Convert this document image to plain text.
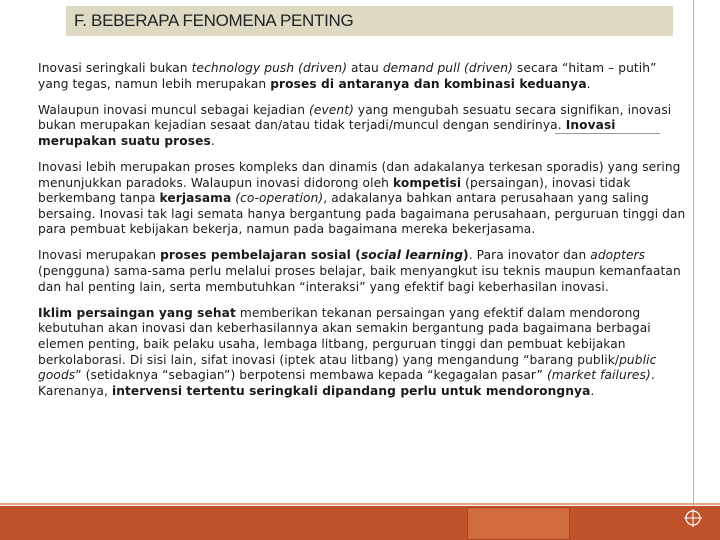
F. BEBERAPA FENOMENA PENTING

Inovasi seringkali bukan technology push (driven) atau demand pull (driven) secara “hitam – putih” yang tegas, namun lebih merupakan proses di antaranya dan kombinasi keduanya.

Walaupun inovasi muncul sebagai kejadian (event) yang mengubah sesuatu secara signifikan, inovasi bukan merupakan kejadian sesaat dan/atau tidak terjadi/muncul dengan sendirinya. Inovasi merupakan suatu proses.

Inovasi lebih merupakan proses kompleks dan dinamis (dan adakalanya terkesan sporadis) yang sering menunjukkan paradoks. Walaupun inovasi didorong oleh kompetisi (persaingan), inovasi tidak berkembang tanpa kerjasama (co-operation), adakalanya bahkan antara perusahaan yang saling bersaing. Inovasi tak lagi semata hanya bergantung pada bagaimana perusahaan, perguruan tinggi dan para pembuat kebijakan bekerja, namun pada bagaimana mereka bekerjasama.

Inovasi merupakan proses pembelajaran sosial (social learning). Para inovator dan adopters (pengguna) sama-sama perlu melalui proses belajar, baik menyangkut isu teknis maupun kemanfaatan dan hal penting lain, serta membutuhkan “interaksi” yang efektif bagi keberhasilan inovasi.

Iklim persaingan yang sehat memberikan tekanan persaingan yang efektif dalam mendorong kebutuhan akan inovasi dan keberhasilannya akan semakin bergantung pada bagaimana berbagai elemen penting, baik pelaku usaha, lembaga litbang, perguruan tinggi dan pembuat kebijakan berkolaborasi. Di sisi lain, sifat inovasi (iptek atau litbang) yang mengandung “barang publik/public goods” (setidaknya “sebagian”) berpotensi membawa kepada “kegagalan pasar” (market failures). Karenanya, intervensi tertentu seringkali dipandang perlu untuk mendorongnya.
